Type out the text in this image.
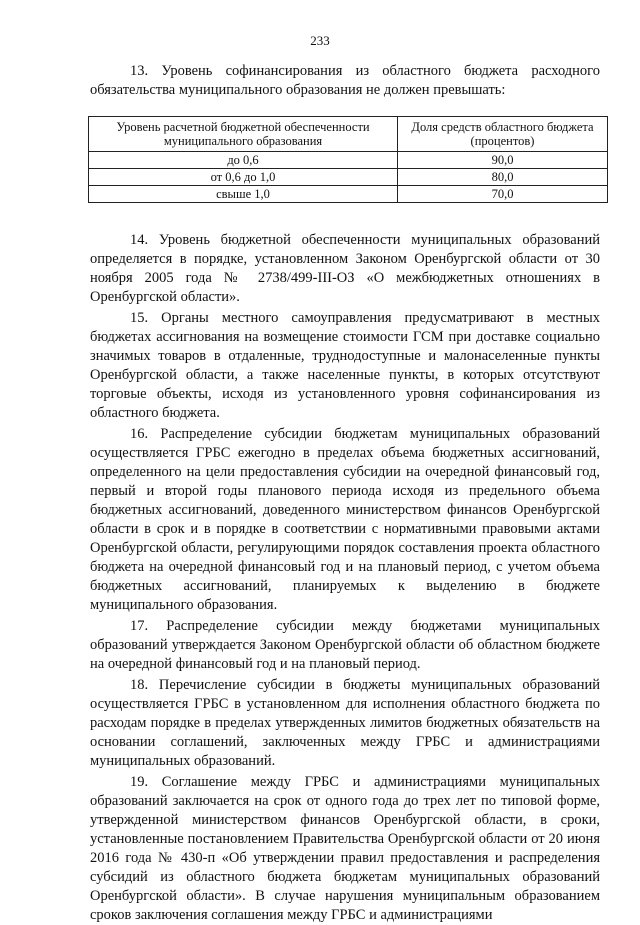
233

13. Уровень софинансирования из областного бюджета расходного обязательства муниципального образования не должен превышать:

Уровень расчетной бюджетной обеспеченности муниципального образования	Доля средств областного бюджета (процентов)
до 0,6	90,0
от 0,6 до 1,0	80,0
свыше 1,0	70,0

14. Уровень бюджетной обеспеченности муниципальных образований определяется в порядке, установленном Законом Оренбургской области от 30 ноября 2005 года № 2738/499-III-ОЗ «О межбюджетных отношениях в Оренбургской области».

15. Органы местного самоуправления предусматривают в местных бюджетах ассигнования на возмещение стоимости ГСМ при доставке социально значимых товаров в отдаленные, труднодоступные и малонаселенные пункты Оренбургской области, а также населенные пункты, в которых отсутствуют торговые объекты, исходя из установленного уровня софинансирования из областного бюджета.

16. Распределение субсидии бюджетам муниципальных образований осуществляется ГРБС ежегодно в пределах объема бюджетных ассигнований, определенного на цели предоставления субсидии на очередной финансовый год, первый и второй годы планового периода исходя из предельного объема бюджетных ассигнований, доведенного министерством финансов Оренбургской области в срок и в порядке в соответствии с нормативными правовыми актами Оренбургской области, регулирующими порядок составления проекта областного бюджета на очередной финансовый год и на плановый период, с учетом объема бюджетных ассигнований, планируемых к выделению в бюджете муниципального образования.

17. Распределение субсидии между бюджетами муниципальных образований утверждается Законом Оренбургской области об областном бюджете на очередной финансовый год и на плановый период.

18. Перечисление субсидии в бюджеты муниципальных образований осуществляется ГРБС в установленном для исполнения областного бюджета по расходам порядке в пределах утвержденных лимитов бюджетных обязательств на основании соглашений, заключенных между ГРБС и администрациями муниципальных образований.

19. Соглашение между ГРБС и администрациями муниципальных образований заключается на срок от одного года до трех лет по типовой форме, утвержденной министерством финансов Оренбургской области, в сроки, установленные постановлением Правительства Оренбургской области от 20 июня 2016 года № 430-п «Об утверждении правил предоставления и распределения субсидий из областного бюджета бюджетам муниципальных образований Оренбургской области». В случае нарушения муниципальным образованием сроков заключения соглашения между ГРБС и администрациями
